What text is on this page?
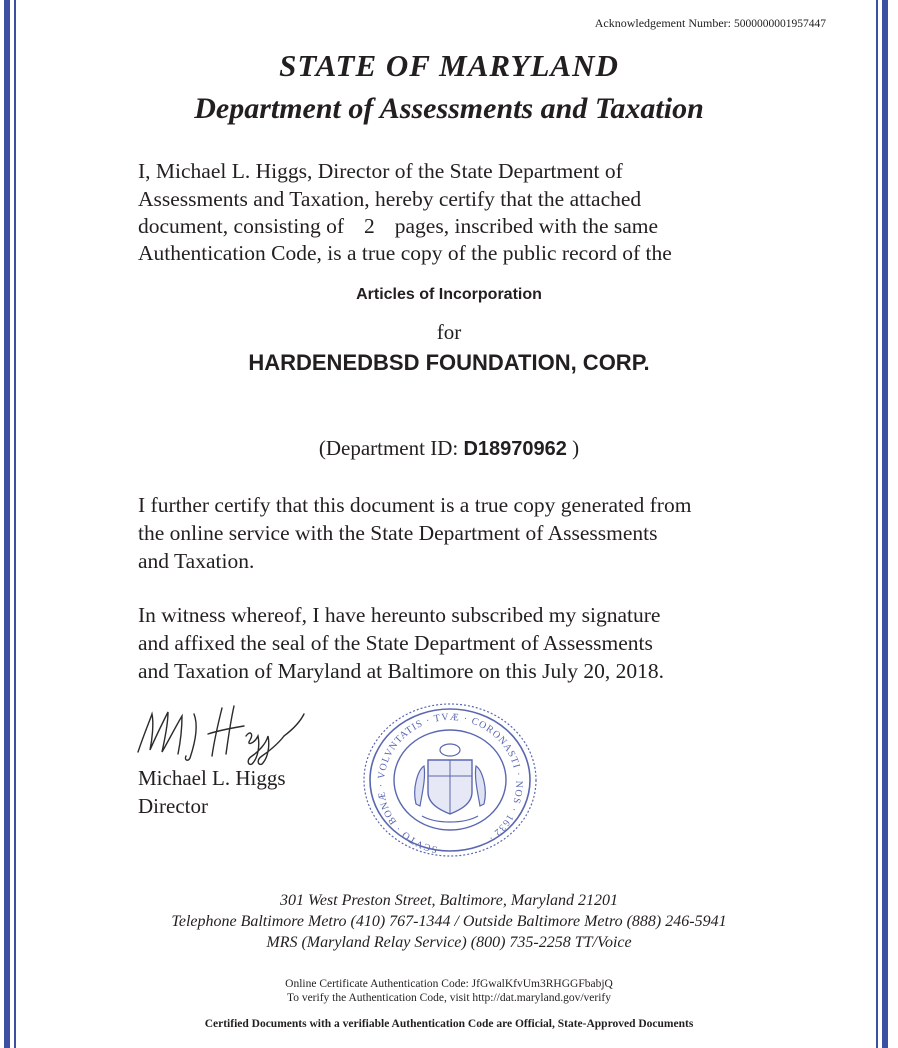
Acknowledgement Number: 5000000001957447
STATE OF MARYLAND
Department of Assessments and Taxation
I, Michael L. Higgs, Director of the State Department of
Assessments and Taxation, hereby certify that the attached
document, consisting of 2 pages, inscribed with the same
Authentication Code, is a true copy of the public record of the
Articles of Incorporation
for
HARDENEDBSD FOUNDATION, CORP.
(Department ID: D18970962 )
I further certify that this document is a true copy generated from
the online service with the State Department of Assessments
and Taxation.
In witness whereof, I have hereunto subscribed my signature
and affixed the seal of the State Department of Assessments
and Taxation of Maryland at Baltimore on this July 20, 2018.
Michael L. Higgs
Director
SCVTO · BONÆ · VOLVNTATIS · TVÆ · CORONASTI · NOS · 1632 ·
301 West Preston Street, Baltimore, Maryland 21201
Telephone Baltimore Metro (410) 767-1344 / Outside Baltimore Metro (888) 246-5941
MRS (Maryland Relay Service) (800) 735-2258 TT/Voice
Online Certificate Authentication Code: JfGwalKfvUm3RHGGFbabjQ
To verify the Authentication Code, visit http://dat.maryland.gov/verify
Certified Documents with a verifiable Authentication Code are Official, State-Approved Documents
